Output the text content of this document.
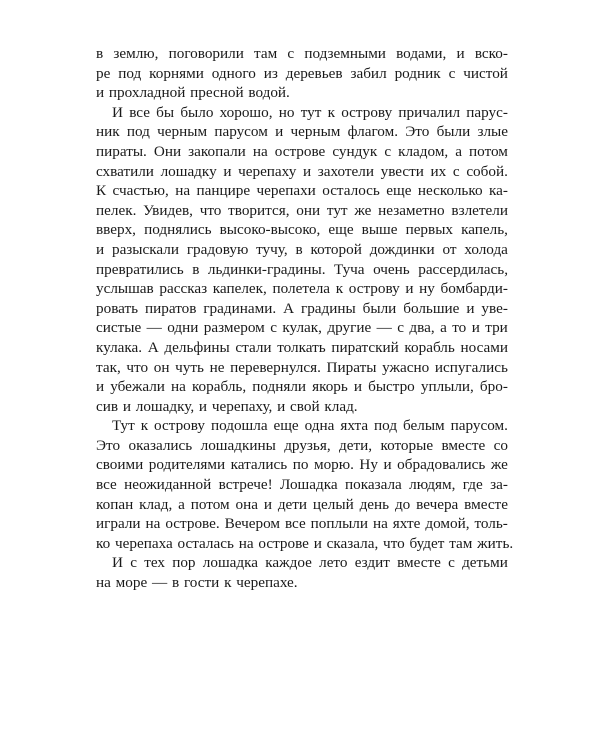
в землю, поговорили там с подземными водами, и вско-
ре под корнями одного из деревьев забил родник с чистой
и прохладной пресной водой.
И все бы было хорошо, но тут к острову причалил парус-
ник под черным парусом и черным флагом. Это были злые
пираты. Они закопали на острове сундук с кладом, а потом
схватили лошадку и черепаху и захотели увести их с собой.
К счастью, на панцире черепахи осталось еще несколько ка-
пелек. Увидев, что творится, они тут же незаметно взлетели
вверх, поднялись высоко-высоко, еще выше первых капель,
и разыскали градовую тучу, в которой дождинки от холода
превратились в льдинки-градины. Туча очень рассердилась,
услышав рассказ капелек, полетела к острову и ну бомбарди-
ровать пиратов градинами. А градины были большие и уве-
систые — одни размером с кулак, другие — с два, а то и три
кулака. А дельфины стали толкать пиратский корабль носами
так, что он чуть не перевернулся. Пираты ужасно испугались
и убежали на корабль, подняли якорь и быстро уплыли, бро-
сив и лошадку, и черепаху, и свой клад.
Тут к острову подошла еще одна яхта под белым парусом.
Это оказались лошадкины друзья, дети, которые вместе со
своими родителями катались по морю. Ну и обрадовались же
все неожиданной встрече! Лошадка показала людям, где за-
копан клад, а потом она и дети целый день до вечера вместе
играли на острове. Вечером все поплыли на яхте домой, толь-
ко черепаха осталась на острове и сказала, что будет там жить.
И с тех пор лошадка каждое лето ездит вместе с детьми
на море — в гости к черепахе.
